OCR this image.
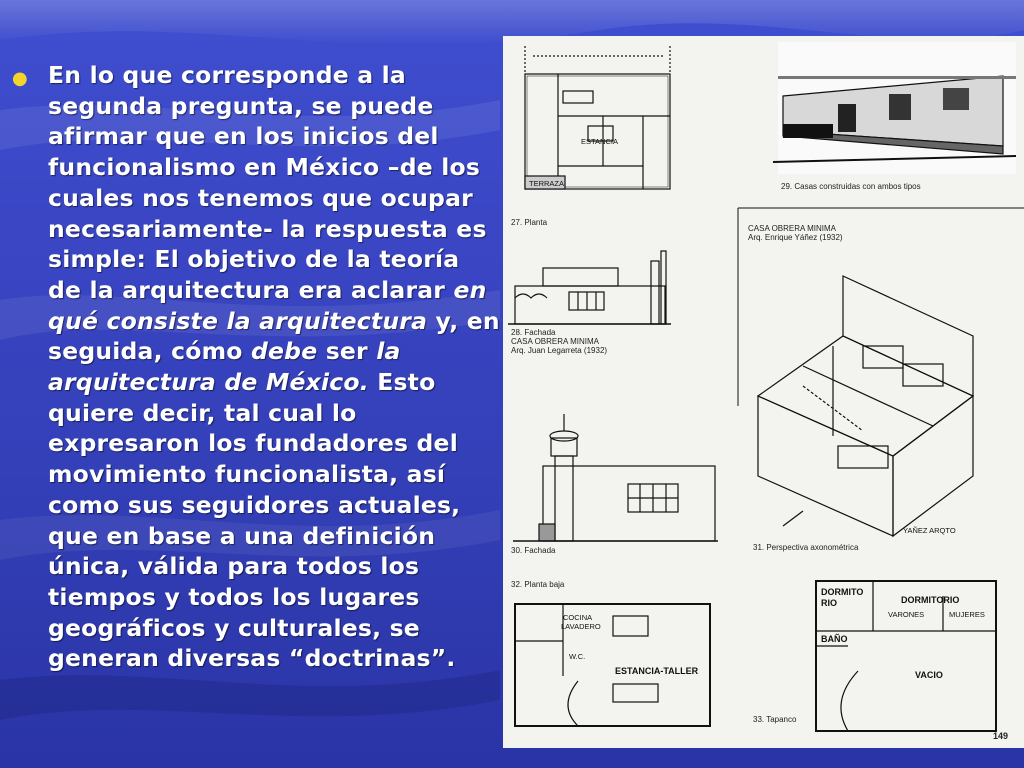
● En lo que corresponde a la segunda pregunta, se puede afirmar que en los inicios del funcionalismo en México –de los cuales nos tenemos que ocupar necesariamente- la respuesta es simple: El objetivo de la teoría de la arquitectura era aclarar en qué consiste la arquitectura y, en seguida, cómo debe ser la arquitectura de México. Esto quiere decir, tal cual lo expresaron los fundadores del movimiento funcionalista, así como sus seguidores actuales, que en base a una definición única, válida para todos los tiempos y todos los lugares geográficos y culturales, se generan diversas “doctrinas”.
YAÑEZ ARQTO
COCINA
LAVADERO
W.C.
ESTANCIA-TALLER
DORMITO
RIO	DORMITORIO
VARONES	MUJERES
BAÑO
VACIO
ESTANCIA
TERRAZA
27. Planta
29. Casas construidas con ambos tipos
28. Fachada
CASA OBRERA MINIMA
Arq. Juan Legarreta (1932)
CASA OBRERA MINIMA
Arq. Enrique Yáñez (1932)
30. Fachada	31. Perspectiva axonométrica
32. Planta baja
33. Tapanco
149
